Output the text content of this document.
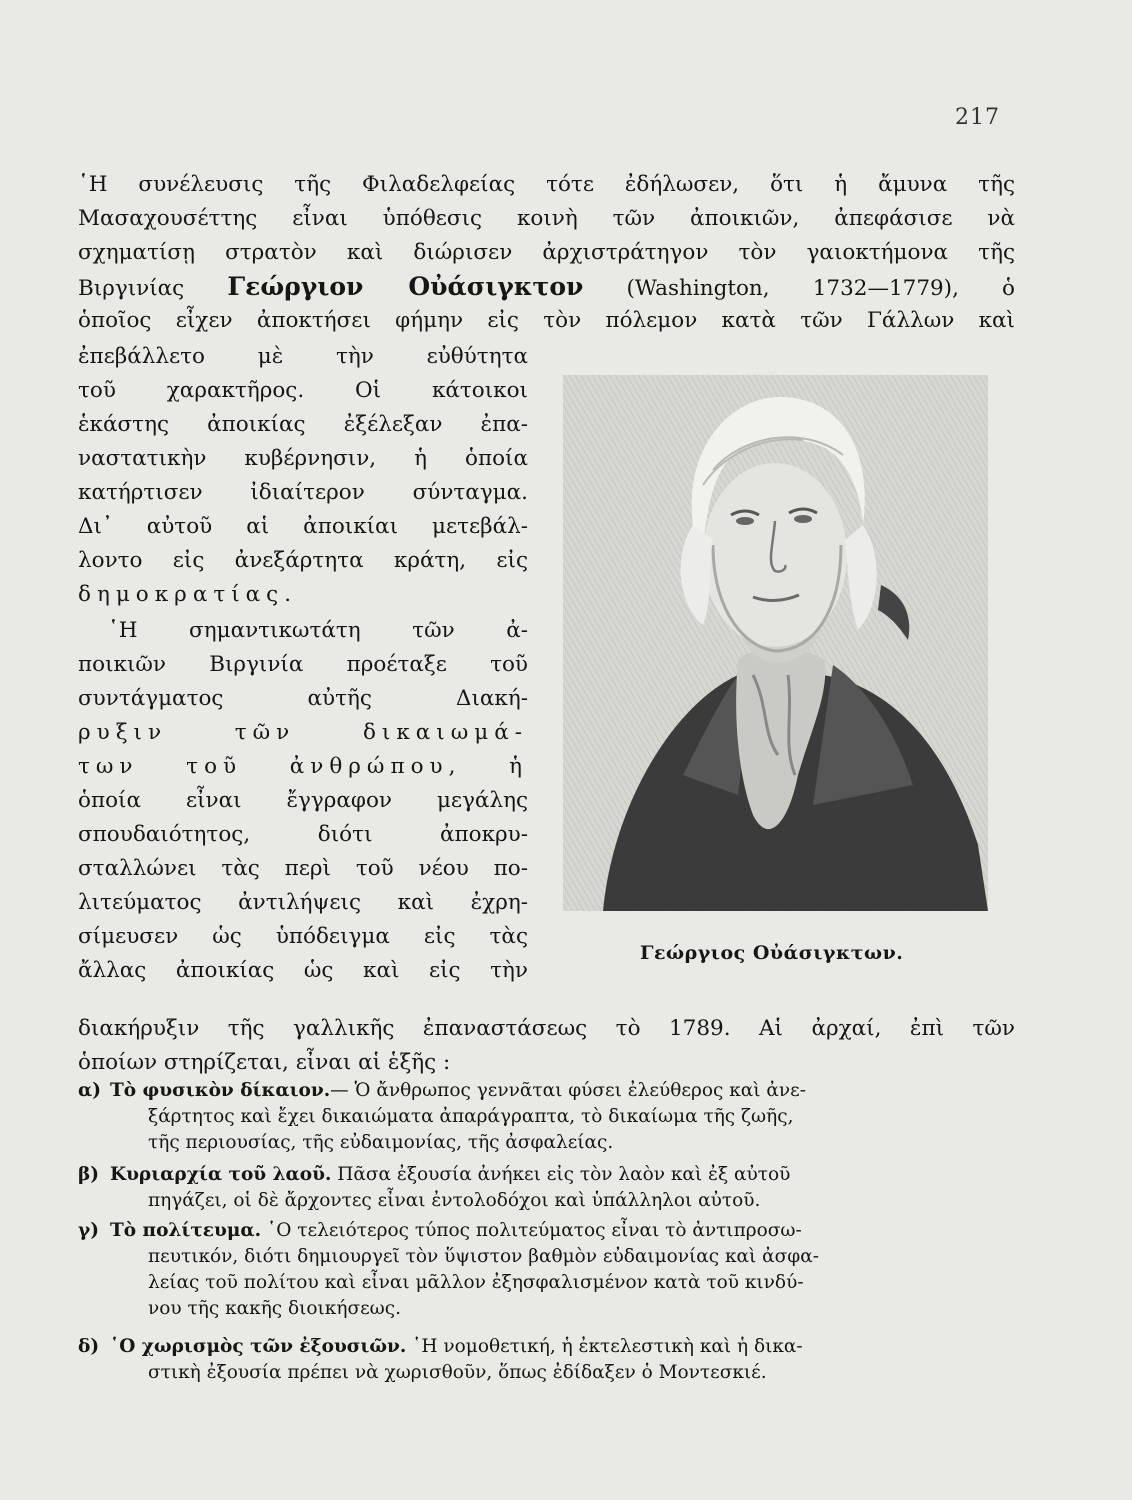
217
῾Η συνέλευσις τῆς Φιλαδελφείας τότε ἐδήλωσεν, ὅτι ἡ ἄμυνα τῆς
Μασαχουσέττης εἶναι ὑπόθεσις κοινὴ τῶν ἀποικιῶν, ἀπεφάσισε νὰ
σχηματίσῃ στρατὸν καὶ διώρισεν ἀρχιστράτηγον τὸν γαιοκτήμονα τῆς
Βιργινίας Γεώργιον Οὐάσιγκτον (Washington, 1732—1779), ὁ
ὁποῖος εἶχεν ἀποκτήσει φήμην εἰς τὸν πόλεμον κατὰ τῶν Γάλλων καὶ
ἐπεβάλλετο μὲ τὴν εὐθύτητα
τοῦ χαρακτῆρος. Οἱ κάτοικοι
ἑκάστης ἀποικίας ἐξέλεξαν ἐπα-
ναστατικὴν κυβέρνησιν, ἡ ὁποία
κατήρτισεν ἰδιαίτερον σύνταγμα.
Δι᾿ αὐτοῦ αἱ ἀποικίαι μετεβάλ-
λοντο εἰς ἀνεξάρτητα κράτη, εἰς
δημοκρατίας.
῾Η σημαντικωτάτη τῶν ἀ-
ποικιῶν Βιργινία προέταξε τοῦ
συντάγματος αὐτῆς Διακή-
ρυξιν τῶν δικαιωμά-
των τοῦ ἀνθρώπου, ἡ
ὁποία εἶναι ἔγγραφον μεγάλης
σπουδαιότητος, διότι ἀποκρυ-
σταλλώνει τὰς περὶ τοῦ νέου πο-
λιτεύματος ἀντιλήψεις καὶ ἐχρη-
σίμευσεν ὡς ὑπόδειγμα εἰς τὰς
ἄλλας ἀποικίας ὡς καὶ εἰς τὴν
Γεώργιος Οὐάσιγκτων.
διακήρυξιν τῆς γαλλικῆς ἐπαναστάσεως τὸ 1789. Αἱ ἀρχαί, ἐπὶ τῶν
ὁποίων στηρίζεται, εἶναι αἱ ἑξῆς :
α) Τὸ φυσικὸν δίκαιον.— Ὁ ἄνθρωπος γεννᾶται φύσει ἐλεύθερος καὶ ἀνε-
ξάρτητος καὶ ἔχει δικαιώματα ἀπαράγραπτα, τὸ δικαίωμα τῆς ζωῆς,
τῆς περιουσίας, τῆς εὐδαιμονίας, τῆς ἀσφαλείας.
β) Κυριαρχία τοῦ λαοῦ. Πᾶσα ἐξουσία ἀνήκει εἰς τὸν λαὸν καὶ ἐξ αὐτοῦ
πηγάζει, οἱ δὲ ἄρχοντες εἶναι ἐντολοδόχοι καὶ ὑπάλληλοι αὐτοῦ.
γ) Τὸ πολίτευμα. ῾Ο τελειότερος τύπος πολιτεύματος εἶναι τὸ ἀντιπροσω-
πευτικόν, διότι δημιουργεῖ τὸν ὕψιστον βαθμὸν εὐδαιμονίας καὶ ἀσφα-
λείας τοῦ πολίτου καὶ εἶναι μᾶλλον ἐξησφαλισμένον κατὰ τοῦ κινδύ-
νου τῆς κακῆς διοικήσεως.
δ) ῾Ο χωρισμὸς τῶν ἐξουσιῶν. ῾Η νομοθετική, ἡ ἐκτελεστικὴ καὶ ἡ δικα-
στικὴ ἐξουσία πρέπει νὰ χωρισθοῦν, ὅπως ἐδίδαξεν ὁ Μοντεσκιέ.
